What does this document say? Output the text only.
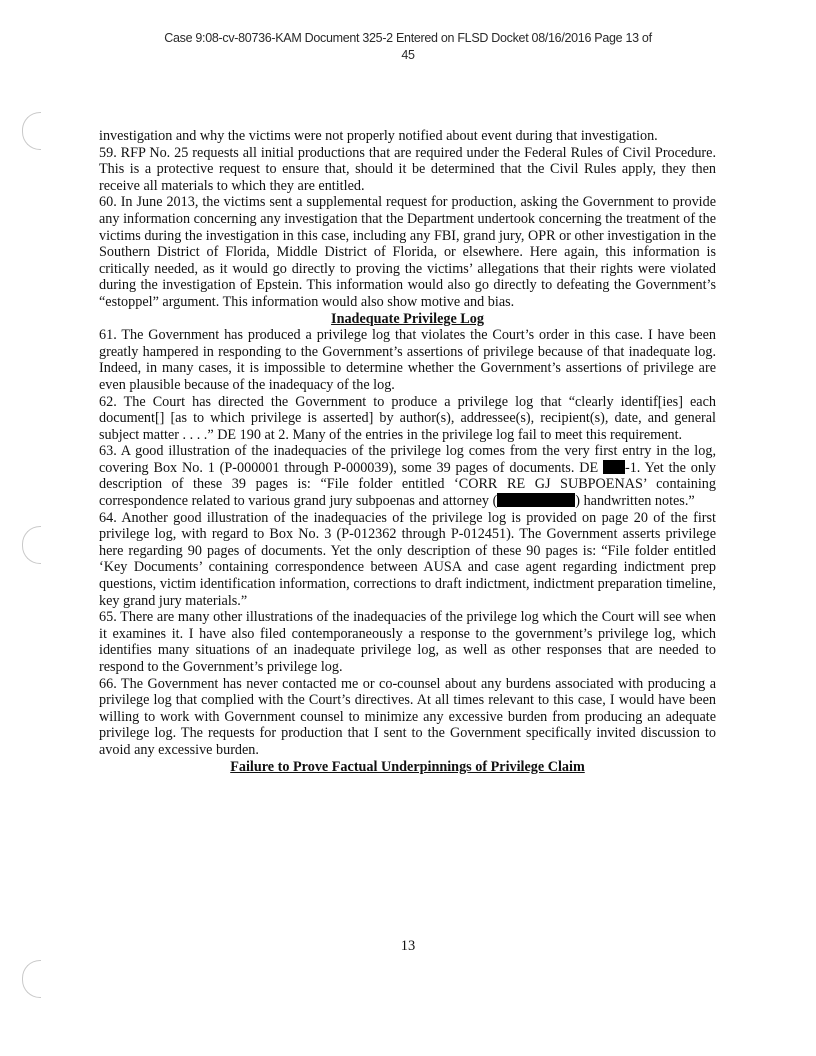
Case 9:08-cv-80736-KAM Document 325-2 Entered on FLSD Docket 08/16/2016 Page 13 of
45

investigation and why the victims were not properly notified about event during that investigation.

59. RFP No. 25 requests all initial productions that are required under the Federal Rules of Civil Procedure. This is a protective request to ensure that, should it be determined that the Civil Rules apply, they then receive all materials to which they are entitled.

60. In June 2013, the victims sent a supplemental request for production, asking the Government to provide any information concerning any investigation that the Department undertook concerning the treatment of the victims during the investigation in this case, including any FBI, grand jury, OPR or other investigation in the Southern District of Florida, Middle District of Florida, or elsewhere. Here again, this information is critically needed, as it would go directly to proving the victims’ allegations that their rights were violated during the investigation of Epstein. This information would also go directly to defeating the Government’s “estoppel” argument. This information would also show motive and bias.

Inadequate Privilege Log

61. The Government has produced a privilege log that violates the Court’s order in this case. I have been greatly hampered in responding to the Government’s assertions of privilege because of that inadequate log. Indeed, in many cases, it is impossible to determine whether the Government’s assertions of privilege are even plausible because of the inadequacy of the log.

62. The Court has directed the Government to produce a privilege log that “clearly identif[ies] each document[] [as to which privilege is asserted] by author(s), addressee(s), recipient(s), date, and general subject matter . . . .” DE 190 at 2. Many of the entries in the privilege log fail to meet this requirement.

63. A good illustration of the inadequacies of the privilege log comes from the very first entry in the log, covering Box No. 1 (P-000001 through P-000039), some 39 pages of documents. DE -1. Yet the only description of these 39 pages is: “File folder entitled ‘CORR RE GJ SUBPOENAS’ containing correspondence related to various grand jury subpoenas and attorney (	) handwritten notes.”

64. Another good illustration of the inadequacies of the privilege log is provided on page 20 of the first privilege log, with regard to Box No. 3 (P-012362 through P-012451). The Government asserts privilege here regarding 90 pages of documents. Yet the only description of these 90 pages is: “File folder entitled ‘Key Documents’ containing correspondence between AUSA and case agent regarding indictment prep questions, victim identification information, corrections to draft indictment, indictment preparation timeline, key grand jury materials.”

65. There are many other illustrations of the inadequacies of the privilege log which the Court will see when it examines it. I have also filed contemporaneously a response to the government’s privilege log, which identifies many situations of an inadequate privilege log, as well as other responses that are needed to respond to the Government’s privilege log.

66. The Government has never contacted me or co-counsel about any burdens associated with producing a privilege log that complied with the Court’s directives. At all times relevant to this case, I would have been willing to work with Government counsel to minimize any excessive burden from producing an adequate privilege log. The requests for production that I sent to the Government specifically invited discussion to avoid any excessive burden.

Failure to Prove Factual Underpinnings of Privilege Claim

13
